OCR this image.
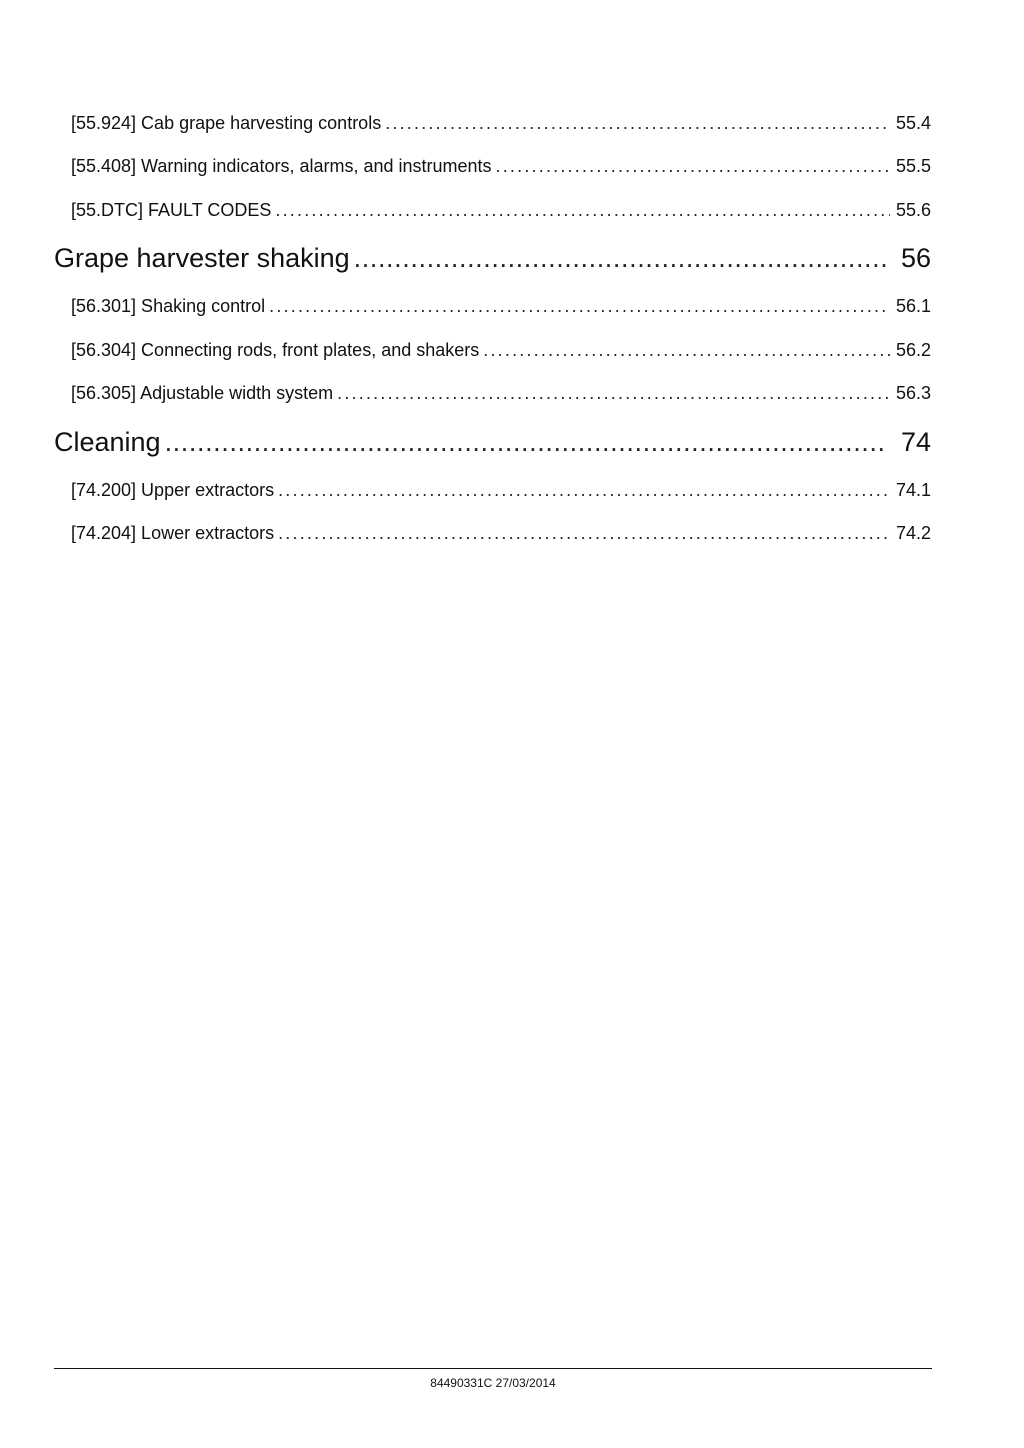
[55.924] Cab grape harvesting controls .....	55.4
[55.408] Warning indicators, alarms, and instruments .....	55.5
[55.DTC] FAULT CODES .....	55.6
Grape harvester shaking .....	56
[56.301] Shaking control .....	56.1
[56.304] Connecting rods, front plates, and shakers .....	56.2
[56.305] Adjustable width system .....	56.3
Cleaning .....	74
[74.200] Upper extractors .....	74.1
[74.204] Lower extractors .....	74.2
84490331C 27/03/2014
